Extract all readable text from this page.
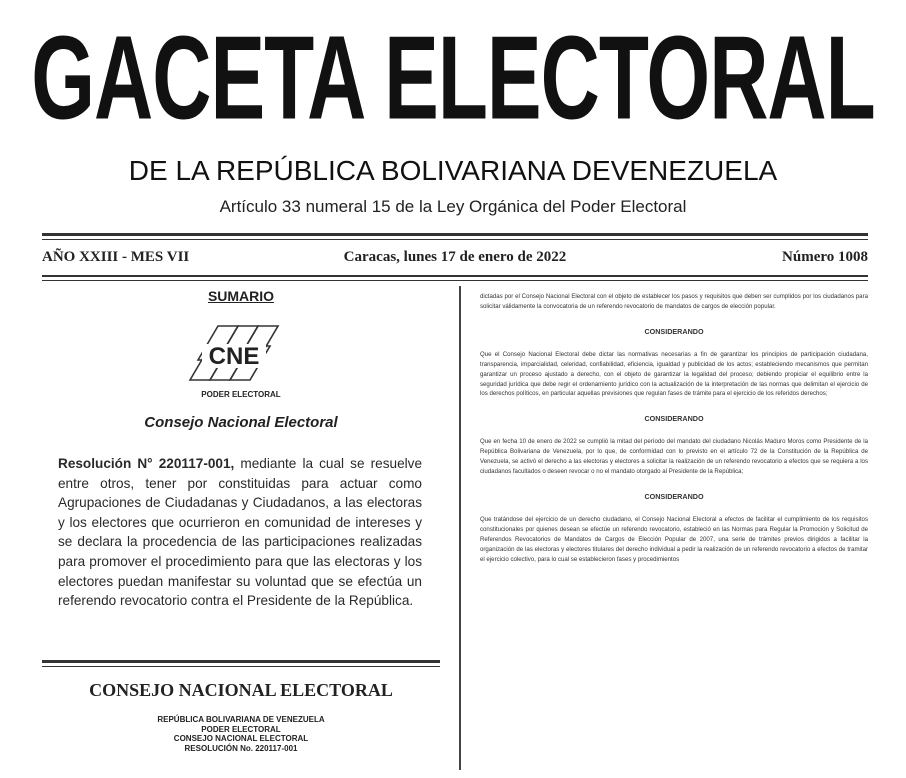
GACETA ELECTORAL
DE LA REPÚBLICA BOLIVARIANA DEVENEZUELA
Artículo 33 numeral 15 de la Ley Orgánica del Poder Electoral
AÑO XXIII - MES VII	Caracas, lunes 17 de enero de 2022	Número 1008
SUMARIO
CNE
PODER ELECTORAL
Consejo Nacional Electoral

Resolución N° 220117-001, mediante la cual se resuelve entre otros, tener por constituidas para actuar como Agrupaciones de Ciudadanas y Ciudadanos, a las electoras y los electores que ocurrieron en comunidad de intereses y se declara la procedencia de las participaciones realizadas para promover el procedimiento para que las electoras y los electores puedan manifestar su voluntad que se efectúa un referendo revocatorio contra el Presidente de la República.

CONSEJO NACIONAL ELECTORAL
REPÚBLICA BOLIVARIANA DE VENEZUELA
PODER ELECTORAL
CONSEJO NACIONAL ELECTORAL
RESOLUCIÓN No. 220117-001

dictadas por el Consejo Nacional Electoral con el objeto de establecer los pasos y requisitos que deben ser cumplidos por los ciudadanos para solicitar válidamente la convocatoria de un referendo revocatorio de mandatos de cargos de elección popular.

CONSIDERANDO

Que el Consejo Nacional Electoral debe dictar las normativas necesarias a fin de garantizar los principios de participación ciudadana, transparencia, imparcialidad, celeridad, confiabilidad, eficiencia, igualdad y publicidad de los actos; estableciendo mecanismos que permitan garantizar un proceso ajustado a derecho, con el objeto de garantizar la legalidad del proceso; debiendo propiciar el equilibrio entre la seguridad jurídica que debe regir el ordenamiento jurídico con la actualización de la interpretación de las normas que delimitan el ejercicio de los derechos políticos, en particular aquellas previsiones que regulan fases de trámite para el ejercicio de los referidos derechos;

CONSIDERANDO

Que en fecha 10 de enero de 2022 se cumplió la mitad del período del mandato del ciudadano Nicolás Maduro Moros como Presidente de la República Bolivariana de Venezuela, por lo que, de conformidad con lo previsto en el artículo 72 de la Constitución de la República de Venezuela, se activó el derecho a las electoras y electores a solicitar la realización de un referendo revocatorio a efectos que se requiera a los ciudadanos facultados o deseen revocar o no el mandato otorgado al Presidente de la República;

CONSIDERANDO

Que tratándose del ejercicio de un derecho ciudadano, el Consejo Nacional Electoral a efectos de facilitar el cumplimiento de los requisitos constitucionales por quienes desean se efectúe un referendo revocatorio, estableció en las Normas para Regular la Promoción y Solicitud de Referendos Revocatorios de Mandatos de Cargos de Elección Popular de 2007, una serie de trámites previos dirigidos a facilitar la organización de las electoras y electores titulares del derecho individual a pedir la realización de un referendo revocatorio a efectos de tramitar el ejercicio colectivo, para lo cual se establecieron fases y procedimientos
